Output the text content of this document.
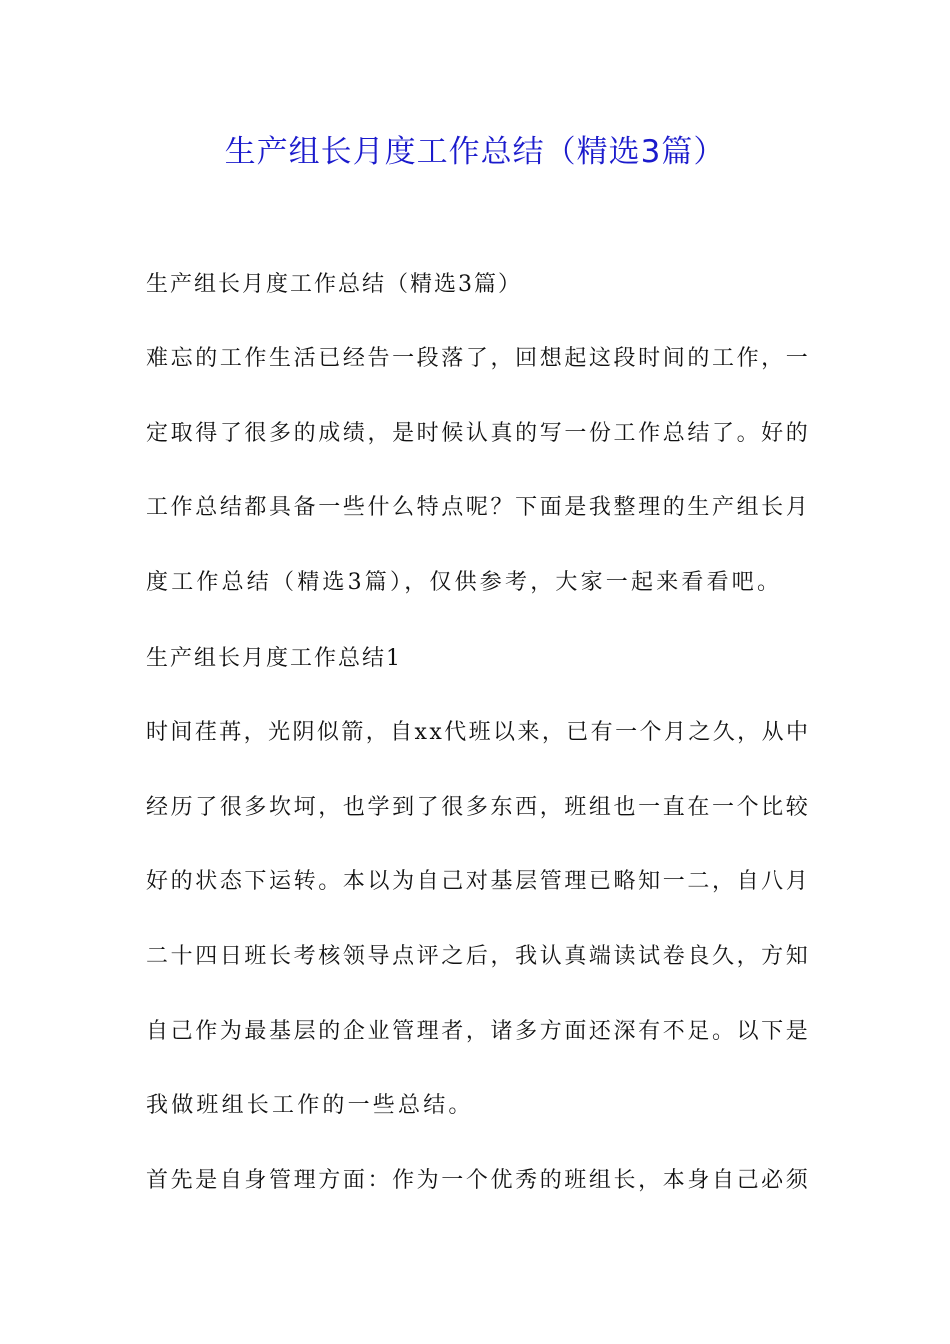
生产组长月度工作总结（精选3篇）
生产组长月度工作总结（精选3篇）
难忘的工作生活已经告一段落了，回想起这段时间的工作，一
定取得了很多的成绩，是时候认真的写一份工作总结了。好的
工作总结都具备一些什么特点呢？下面是我整理的生产组长月
度工作总结（精选3篇），仅供参考，大家一起来看看吧。
生产组长月度工作总结1
时间荏苒，光阴似箭，自xx代班以来，已有一个月之久，从中
经历了很多坎坷，也学到了很多东西，班组也一直在一个比较
好的状态下运转。本以为自己对基层管理已略知一二，自八月
二十四日班长考核领导点评之后，我认真端读试卷良久，方知
自己作为最基层的企业管理者，诸多方面还深有不足。以下是
我做班组长工作的一些总结。
首先是自身管理方面：作为一个优秀的班组长，本身自己必须
